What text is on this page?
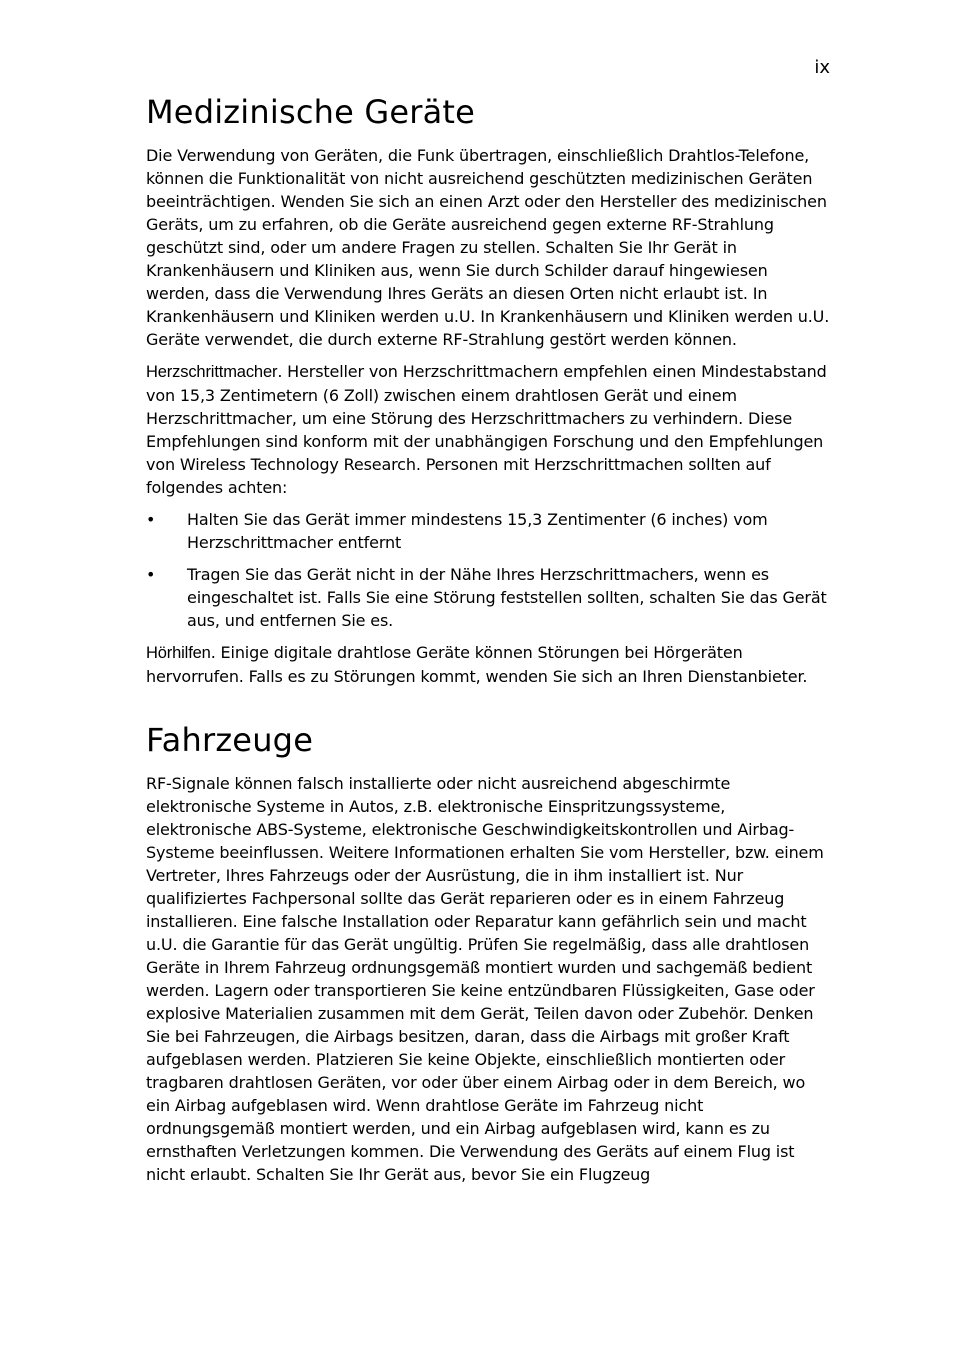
ix
Medizinische Geräte

Die Verwendung von Geräten, die Funk übertragen, einschließlich Drahtlos-Telefone, können die Funktionalität von nicht ausreichend geschützten medizinischen Geräten beeinträchtigen. Wenden Sie sich an einen Arzt oder den Hersteller des medizinischen Geräts, um zu erfahren, ob die Geräte ausreichend gegen externe RF-Strahlung geschützt sind, oder um andere Fragen zu stellen. Schalten Sie Ihr Gerät in Krankenhäusern und Kliniken aus, wenn Sie durch Schilder darauf hingewiesen werden, dass die Verwendung Ihres Geräts an diesen Orten nicht erlaubt ist. In Krankenhäusern und Kliniken werden u.U. In Krankenhäusern und Kliniken werden u.U. Geräte verwendet, die durch externe RF-Strahlung gestört werden können.

Herzschrittmacher. Hersteller von Herzschrittmachern empfehlen einen Mindestabstand von 15,3 Zentimetern (6 Zoll) zwischen einem drahtlosen Gerät und einem Herzschrittmacher, um eine Störung des Herzschrittmachers zu verhindern. Diese Empfehlungen sind konform mit der unabhängigen Forschung und den Empfehlungen von Wireless Technology Research. Personen mit Herzschrittmachen sollten auf folgendes achten:

• Halten Sie das Gerät immer mindestens 15,3 Zentimenter (6 inches) vom Herzschrittmacher entfernt
• Tragen Sie das Gerät nicht in der Nähe Ihres Herzschrittmachers, wenn es eingeschaltet ist. Falls Sie eine Störung feststellen sollten, schalten Sie das Gerät aus, und entfernen Sie es.

Hörhilfen. Einige digitale drahtlose Geräte können Störungen bei Hörgeräten hervorrufen. Falls es zu Störungen kommt, wenden Sie sich an Ihren Dienstanbieter.

Fahrzeuge

RF-Signale können falsch installierte oder nicht ausreichend abgeschirmte elektronische Systeme in Autos, z.B. elektronische Einspritzungssysteme, elektronische ABS-Systeme, elektronische Geschwindigkeitskontrollen und Airbag-Systeme beeinflussen. Weitere Informationen erhalten Sie vom Hersteller, bzw. einem Vertreter, Ihres Fahrzeugs oder der Ausrüstung, die in ihm installiert ist. Nur qualifiziertes Fachpersonal sollte das Gerät reparieren oder es in einem Fahrzeug installieren. Eine falsche Installation oder Reparatur kann gefährlich sein und macht u.U. die Garantie für das Gerät ungültig. Prüfen Sie regelmäßig, dass alle drahtlosen Geräte in Ihrem Fahrzeug ordnungsgemäß montiert wurden und sachgemäß bedient werden. Lagern oder transportieren Sie keine entzündbaren Flüssigkeiten, Gase oder explosive Materialien zusammen mit dem Gerät, Teilen davon oder Zubehör. Denken Sie bei Fahrzeugen, die Airbags besitzen, daran, dass die Airbags mit großer Kraft aufgeblasen werden. Platzieren Sie keine Objekte, einschließlich montierten oder tragbaren drahtlosen Geräten, vor oder über einem Airbag oder in dem Bereich, wo ein Airbag aufgeblasen wird. Wenn drahtlose Geräte im Fahrzeug nicht ordnungsgemäß montiert werden, und ein Airbag aufgeblasen wird, kann es zu ernsthaften Verletzungen kommen. Die Verwendung des Geräts auf einem Flug ist nicht erlaubt. Schalten Sie Ihr Gerät aus, bevor Sie ein Flugzeug
